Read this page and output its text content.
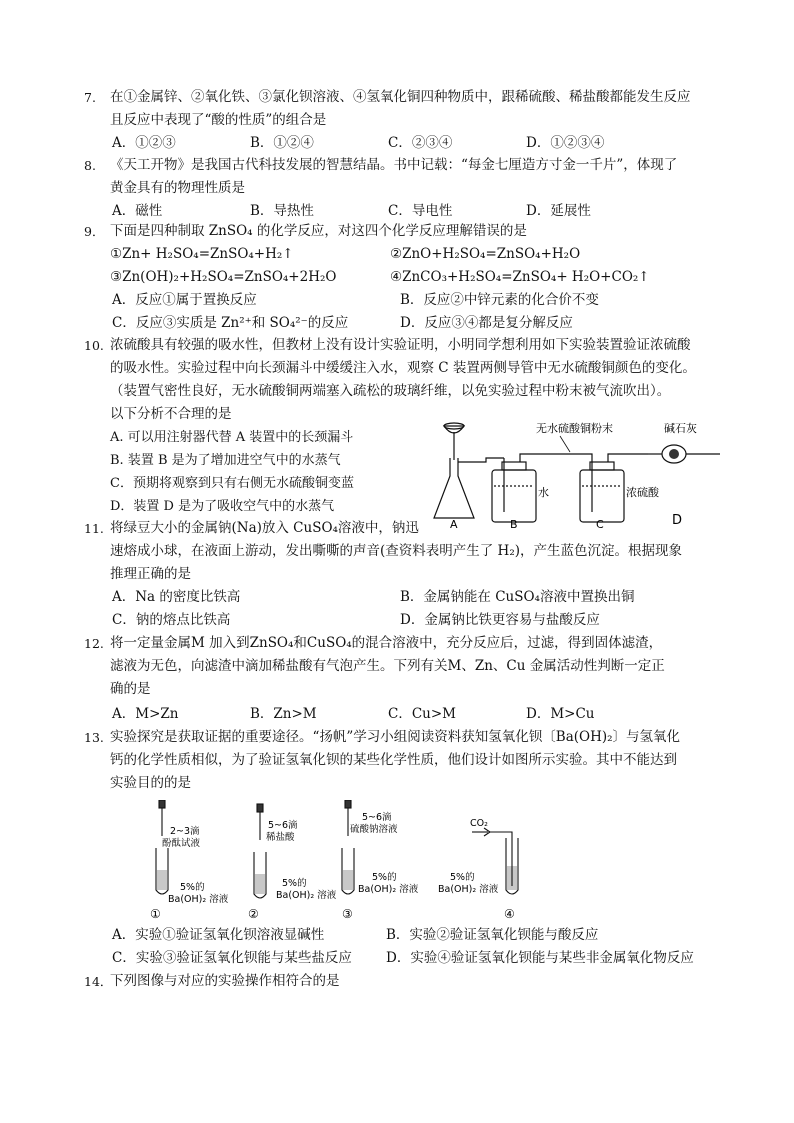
7.	在①金属锌、②氧化铁、③氯化钡溶液、④氢氧化铜四种物质中，跟稀硫酸、稀盐酸都能发生反应
且反应中表现了“酸的性质”的组合是
A．①②③	B．①②④	C．②③④	D．①②③④
8.	《天工开物》是我国古代科技发展的智慧结晶。书中记载：“每金七厘造方寸金一千片”，体现了
黄金具有的物理性质是
A．磁性	B．导热性	C．导电性	D．延展性
9． 下面是四种制取 ZnSO₄ 的化学反应，对这四个化学反应理解错误的是
①Zn+ H₂SO₄=ZnSO₄+H₂↑	②ZnO+H₂SO₄=ZnSO₄+H₂O
③Zn(OH)₂+H₂SO₄=ZnSO₄+2H₂O	④ZnCO₃+H₂SO₄=ZnSO₄+ H₂O+CO₂↑
A．反应①属于置换反应	B．反应②中锌元素的化合价不变
C．反应③实质是 Zn²⁺和 SO₄²⁻的反应	D．反应③④都是复分解反应
10. 浓硫酸具有较强的吸水性，但教材上没有设计实验证明，小明同学想利用如下实验装置验证浓硫酸
的吸水性。实验过程中向长颈漏斗中缓缓注入水，观察 C 装置两侧导管中无水硫酸铜颜色的变化。
（装置气密性良好，无水硫酸铜两端塞入疏松的玻璃纤维，以免实验过程中粉末被气流吹出）。
以下分析不合理的是
A. 可以用注射器代替 A 装置中的长颈漏斗
B. 装置 B 是为了增加进空气中的水蒸气
C．预期将观察到只有右侧无水硫酸铜变蓝
D．装置 D 是为了吸收空气中的水蒸气
无水硫酸铜粉末	碱石灰
水	浓硫酸
A	B	C	D
11. 将绿豆大小的金属钠(Na)放入 CuSO₄溶液中，钠迅
速熔成小球，在液面上游动，发出嘶嘶的声音(查资料表明产生了 H₂)，产生蓝色沉淀。根据现象
推理正确的是
A．Na 的密度比铁高	B．金属钠能在 CuSO₄溶液中置换出铜
C．钠的熔点比铁高	D．金属钠比铁更容易与盐酸反应
12. 将一定量金属M 加入到ZnSO₄和CuSO₄的混合溶液中，充分反应后，过滤，得到固体滤渣，
滤液为无色，向滤渣中滴加稀盐酸有气泡产生。下列有关M、Zn、Cu 金属活动性判断一定正
确的是
A．M>Zn	B．Zn>M	C．Cu>M	D．M>Cu
13. 实验探究是获取证据的重要途径。“扬帆”学习小组阅读资料获知氢氧化钡〔Ba(OH)₂〕与氢氧化
钙的化学性质相似，为了验证氢氧化钡的某些化学性质，他们设计如图所示实验。其中不能达到
实验目的的是
2~3滴
酚酞试液
5~6滴
稀盐酸
5~6滴
硫酸钠溶液
CO₂
5%的
Ba(OH)₂ 溶液
5%的
Ba(OH)₂ 溶液
5%的
Ba(OH)₂ 溶液
5%的
Ba(OH)₂ 溶液
①	②	③	④
A．实验①验证氢氧化钡溶液显碱性	B．实验②验证氢氧化钡能与酸反应
C．实验③验证氢氧化钡能与某些盐反应	D．实验④验证氢氧化钡能与某些非金属氧化物反应
14．
下列图像与对应的实验操作相符合的是
